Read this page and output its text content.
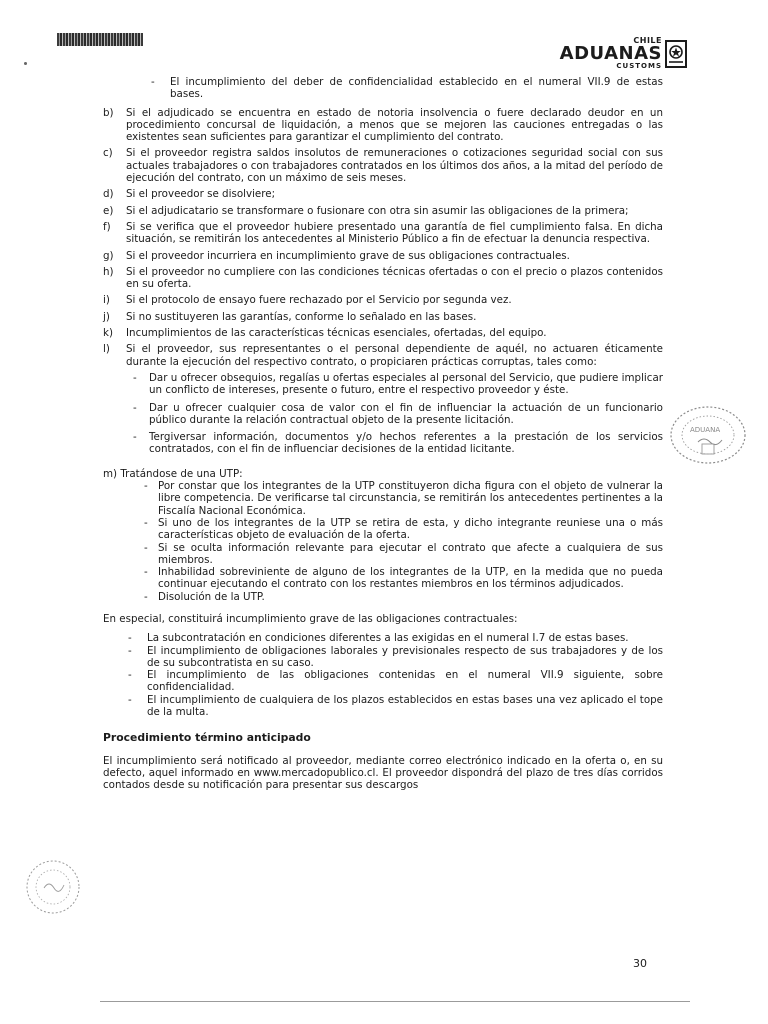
CHILE
ADUANAS
CUSTOMS
- El incumplimiento del deber de confidencialidad establecido en el numeral VII.9 de estas bases.
b) Si el adjudicado se encuentra en estado de notoria insolvencia o fuere declarado deudor en un procedimiento concursal de liquidación, a menos que se mejoren las cauciones entregadas o las existentes sean suficientes para garantizar el cumplimiento del contrato.
c) Si el proveedor registra saldos insolutos de remuneraciones o cotizaciones seguridad social con sus actuales trabajadores o con trabajadores contratados en los últimos dos años, a la mitad del período de ejecución del contrato, con un máximo de seis meses.
d) Si el proveedor se disolviere;
e) Si el adjudicatario se transformare o fusionare con otra sin asumir las obligaciones de la primera;
f) Si se verifica que el proveedor hubiere presentado una garantía de fiel cumplimiento falsa. En dicha situación, se remitirán los antecedentes al Ministerio Público a fin de efectuar la denuncia respectiva.
g) Si el proveedor incurriera en incumplimiento grave de sus obligaciones contractuales.
h) Si el proveedor no cumpliere con las condiciones técnicas ofertadas o con el precio o plazos contenidos en su oferta.
i) Si el protocolo de ensayo fuere rechazado por el Servicio por segunda vez.
j) Si no sustituyeren las garantías, conforme lo señalado en las bases.
k) Incumplimientos de las características técnicas esenciales, ofertadas, del equipo.
l) Si el proveedor, sus representantes o el personal dependiente de aquél, no actuaren éticamente durante la ejecución del respectivo contrato, o propiciaren prácticas corruptas, tales como:
- Dar u ofrecer obsequios, regalías u ofertas especiales al personal del Servicio, que pudiere implicar un conflicto de intereses, presente o futuro, entre el respectivo proveedor y éste.
- Dar u ofrecer cualquier cosa de valor con el fin de influenciar la actuación de un funcionario público durante la relación contractual objeto de la presente licitación.
- Tergiversar información, documentos y/o hechos referentes a la prestación de los servicios contratados, con el fin de influenciar decisiones de la entidad licitante.
m) Tratándose de una UTP:
- Por constar que los integrantes de la UTP constituyeron dicha figura con el objeto de vulnerar la libre competencia. De verificarse tal circunstancia, se remitirán los antecedentes pertinentes a la Fiscalía Nacional Económica.
- Si uno de los integrantes de la UTP se retira de esta, y dicho integrante reuniese una o más características objeto de evaluación de la oferta.
- Si se oculta información relevante para ejecutar el contrato que afecte a cualquiera de sus miembros.
- Inhabilidad sobreviniente de alguno de los integrantes de la UTP, en la medida que no pueda continuar ejecutando el contrato con los restantes miembros en los términos adjudicados.
- Disolución de la UTP.
En especial, constituirá incumplimiento grave de las obligaciones contractuales:
- La subcontratación en condiciones diferentes a las exigidas en el numeral I.7 de estas bases.
- El incumplimiento de obligaciones laborales y previsionales respecto de sus trabajadores y de los de su subcontratista en su caso.
- El incumplimiento de las obligaciones contenidas en el numeral VII.9 siguiente, sobre confidencialidad.
- El incumplimiento de cualquiera de los plazos establecidos en estas bases una vez aplicado el tope de la multa.
Procedimiento término anticipado
El incumplimiento será notificado al proveedor, mediante correo electrónico indicado en la oferta o, en su defecto, aquel informado en www.mercadopublico.cl. El proveedor dispondrá del plazo de tres días corridos contados desde su notificación para presentar sus descargos
ADUANA
30
